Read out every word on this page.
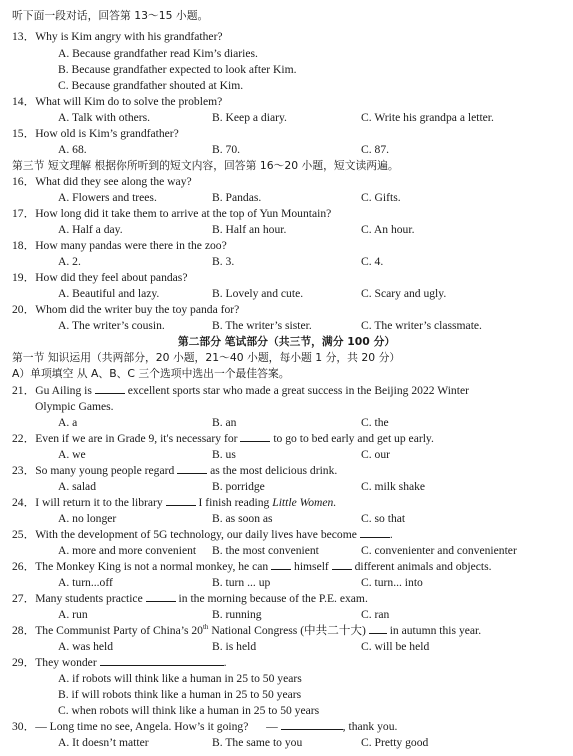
听下面一段对话，回答第 13～15 小题。
13．Why is Kim angry with his grandfather?
A. Because grandfather read Kim’s diaries.
B. Because grandfather expected to look after Kim.
C. Because grandfather shouted at Kim.
14．What will Kim do to solve the problem?
A. Talk with others.	B. Keep a diary.	C. Write his grandpa a letter.
15．How old is Kim’s grandfather?
A. 68.	B. 70.	C. 87.
第三节 短文理解 根据你所听到的短文内容，回答第 16～20 小题，短文读两遍。
16．What did they see along the way?
A. Flowers and trees.	B. Pandas.	C. Gifts.
17．How long did it take them to arrive at the top of Yun Mountain?
A. Half a day.	B. Half an hour.	C. An hour.
18．How many pandas were there in the zoo?
A. 2.	B. 3.	C. 4.
19．How did they feel about pandas?
A. Beautiful and lazy.	B. Lovely and cute.	C. Scary and ugly.
20．Whom did the writer buy the toy panda for?
A. The writer’s cousin.	B. The writer’s sister.	C. The writer’s classmate.
第二部分 笔试部分（共三节，满分 100 分）
第一节 知识运用（共两部分，20 小题，21～40 小题，每小题 1 分，共 20 分）
A）单项填空 从 A、B、C 三个选项中选出一个最佳答案。
21．Gu Ailing is	excellent sports star who made a great success in the Beijing 2022 Winter
Olympic Games.
A. a	B. an	C. the
22．Even if we are in Grade 9, it's necessary for	to go to bed early and get up early.
A. we	B. us	C. our
23．So many young people regard	as the most delicious drink.
A. salad	B. porridge	C. milk shake
24．I will return it to the library	I finish reading Little Women.
A. no longer	B. as soon as	C. so that
25．With the development of 5G technology, our daily lives have become	.
A. more and more convenient B. the most convenient	C. convenienter and convenienter
26．The Monkey King is not a normal monkey, he can himself different animals and objects.
A. turn...off	B. turn ... up	C. turn... into
27．Many students practice	in the morning because of the P.E. exam.
A. run	B. running	C. ran
28．The Communist Party of China’s 20th National Congress (中共二十大) in autumn this year.
A. was held	B. is held	C. will be held
29．They wonder	.
A. if robots will think like a human in 25 to 50 years
B. if will robots think like a human in 25 to 50 years
C. when robots will think like a human in 25 to 50 years
30．— Long time no see, Angela. How’s it going? —	, thank you.
A. It doesn’t matter	B. The same to you	C. Pretty good
